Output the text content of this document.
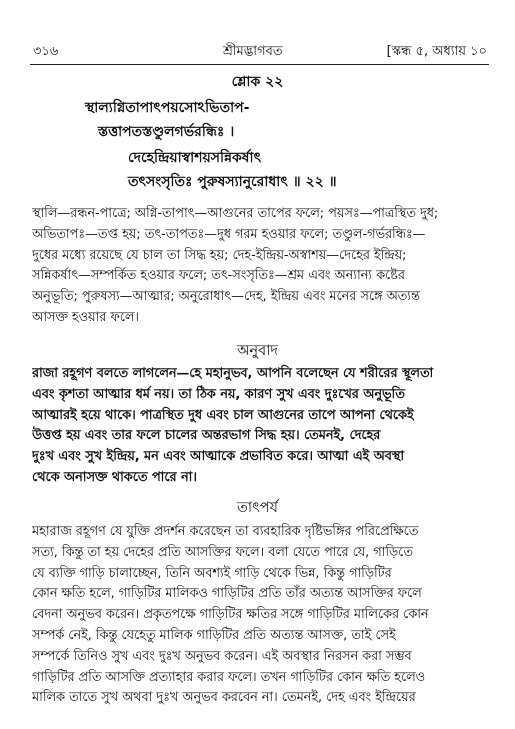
৩১৬	শ্রীমদ্ভাগবত	[স্কন্ধ ৫, অধ্যায় ১০
শ্লোক ২২
স্থাল্যগ্নিতাপাৎপয়সোঽভিতাপ-
স্তত্তাপতস্তণ্ডুলগর্ভরন্ধিঃ ।
দেহেন্দ্রিয়াস্বাশয়সন্নিকর্ষাৎ
তৎসংসৃতিঃ পুরুষস্যানুরোধাৎ ॥ ২২ ॥
স্থালি—রন্ধন-পাত্রে; অগ্নি-তাপাৎ—আগুনের তাপের ফলে; পয়সঃ—পাত্রস্থিত দুধ;
অভিতাপঃ—তপ্ত হয়; তৎ-তাপতঃ—দুধ গরম হওয়ার ফলে; তণ্ডুল-গর্ভরন্ধিঃ—
দুধের মধ্যে রয়েছে যে চাল তা সিদ্ধ হয়; দেহ-ইন্দ্রিয়-অস্বাশয়—দেহের ইন্দ্রিয়;
সন্নিকর্ষাৎ—সম্পর্কিত হওয়ার ফলে; তৎ-সংসৃতিঃ—শ্রম এবং অন্যান্য কষ্টের
অনুভূতি; পুরুষস্য—আত্মার; অনুরোধাৎ—দেহ, ইন্দ্রিয় এবং মনের সঙ্গে অত্যন্ত
আসক্ত হওয়ার ফলে।
অনুবাদ
রাজা রহূগণ বলতে লাগলেন—হে মহানুভব, আপনি বলেছেন যে শরীরের স্থূলতা
এবং কৃশতা আত্মার ধর্ম নয়। তা ঠিক নয়, কারণ সুখ এবং দুঃখের অনুভূতি
আত্মারই হয়ে থাকে। পাত্রস্থিত দুধ এবং চাল আগুনের তাপে আপনা থেকেই
উত্তপ্ত হয় এবং তার ফলে চালের অন্তরভাগ সিদ্ধ হয়। তেমনই, দেহের
দুঃখ এবং সুখ ইন্দ্রিয়, মন এবং আত্মাকে প্রভাবিত করে। আত্মা এই অবস্থা
থেকে অনাসক্ত থাকতে পারে না।
তাৎপর্য
মহারাজ রহূগণ যে যুক্তি প্রদর্শন করেছেন তা ব্যবহারিক দৃষ্টিভঙ্গির পরিপ্রেক্ষিতে
সত্য, কিন্তু তা হয় দেহের প্রতি আসক্তির ফলে। বলা যেতে পারে যে, গাড়িতে
যে ব্যক্তি গাড়ি চালাচ্ছেন, তিনি অবশ্যই গাড়ি থেকে ভিন্ন, কিন্তু গাড়িটির
কোন ক্ষতি হলে, গাড়িটির মালিকও গাড়িটির প্রতি তাঁর অত্যন্ত আসক্তির ফলে
বেদনা অনুভব করেন। প্রকৃতপক্ষে গাড়িটির ক্ষতির সঙ্গে গাড়িটির মালিকের কোন
সম্পর্ক নেই, কিন্তু যেহেতু মালিক গাড়িটির প্রতি অত্যন্ত আসক্ত, তাই সেই
সম্পর্কে তিনিও সুখ এবং দুঃখ অনুভব করেন। এই অবস্থার নিরসন করা সম্ভব
গাড়িটির প্রতি আসক্তি প্রত্যাহার করার ফলে। তখন গাড়িটির কোন ক্ষতি হলেও
মালিক তাতে সুখ অথবা দুঃখ অনুভব করবেন না। তেমনই, দেহ এবং ইন্দ্রিয়ের
